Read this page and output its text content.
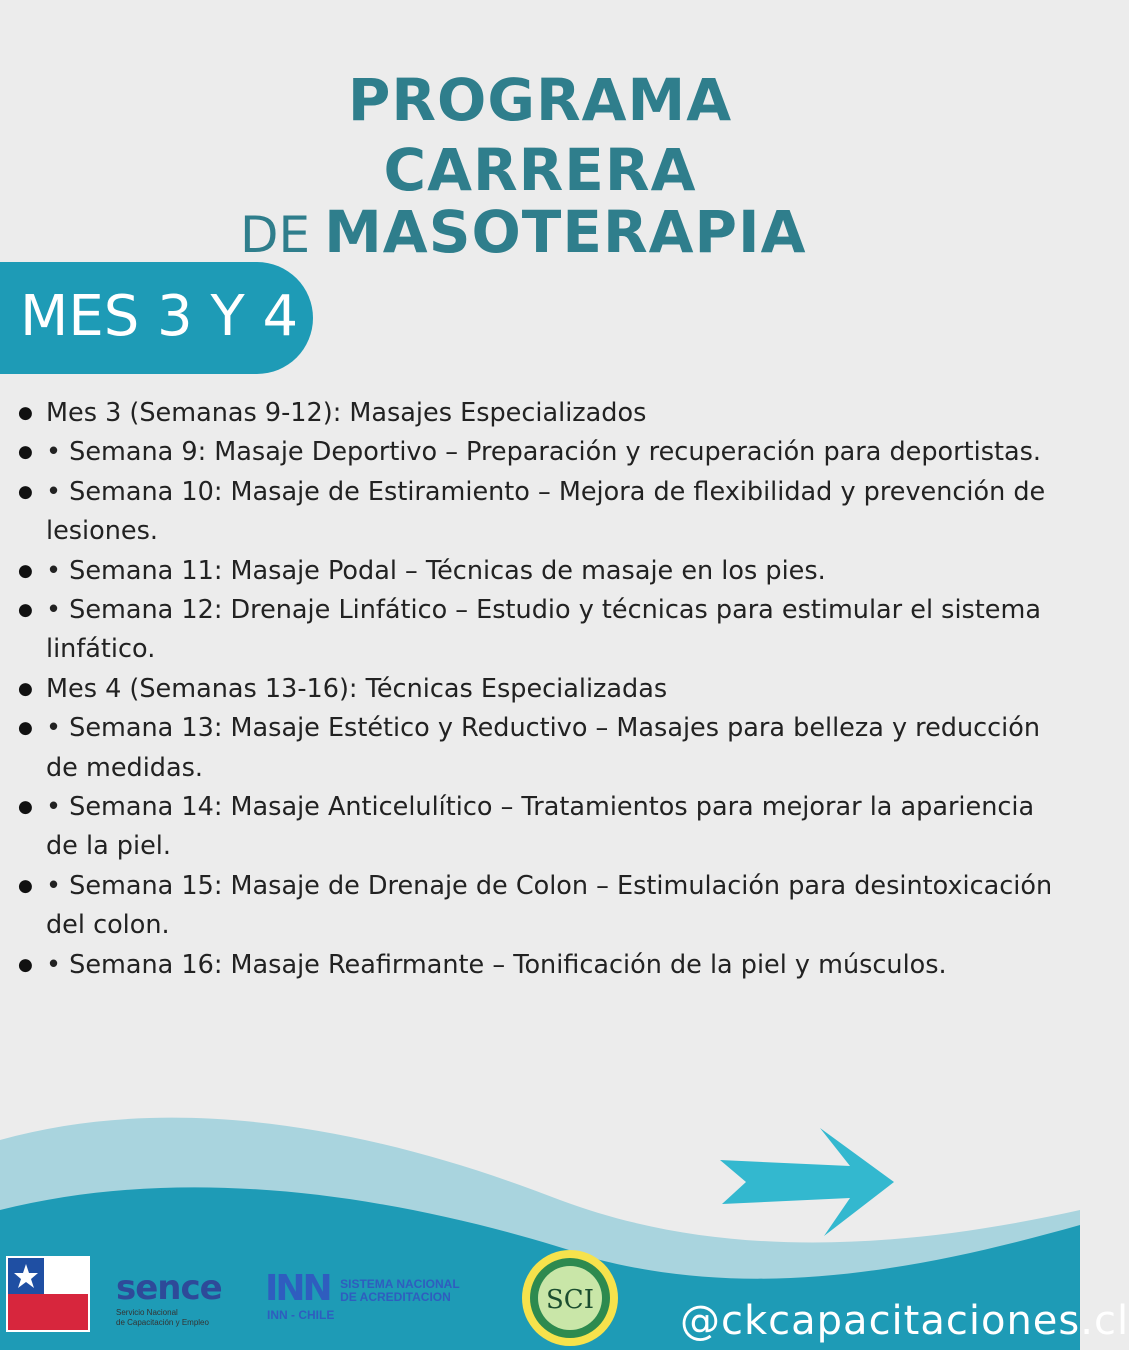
PROGRAMA
CARRERA
DE MASOTERAPIA
MES 3 Y 4
● Mes 3 (Semanas 9-12): Masajes Especializados
● • Semana 9: Masaje Deportivo – Preparación y recuperación para deportistas.
● • Semana 10: Masaje de Estiramiento – Mejora de flexibilidad y prevención de lesiones.
● • Semana 11: Masaje Podal – Técnicas de masaje en los pies.
● • Semana 12: Drenaje Linfático – Estudio y técnicas para estimular el sistema linfático.
● Mes 4 (Semanas 13-16): Técnicas Especializadas
● • Semana 13: Masaje Estético y Reductivo – Masajes para belleza y reducción de medidas.
● • Semana 14: Masaje Anticelulítico – Tratamientos para mejorar la apariencia de la piel.
● • Semana 15: Masaje de Drenaje de Colon – Estimulación para desintoxicación del colon.
● • Semana 16: Masaje Reafirmante – Tonificación de la piel y músculos.
sence
Servicio Nacional
de Capacitación y Empleo
INN SISTEMA NACIONAL
DE ACREDITACION
INN - CHILE	SCI @ckcapacitaciones.cl
